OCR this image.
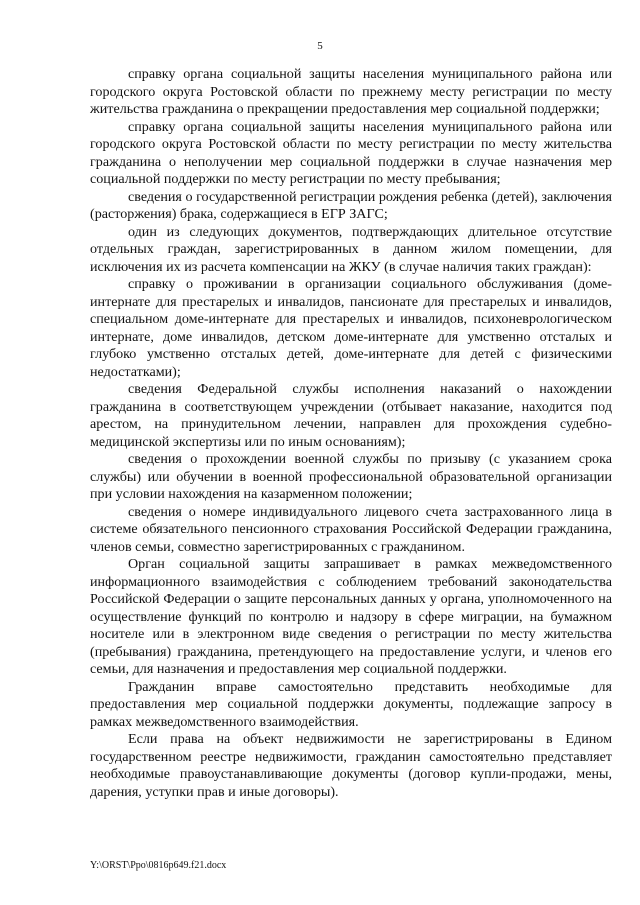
5

справку органа социальной защиты населения муниципального района или городского округа Ростовской области по прежнему месту регистрации по месту жительства гражданина о прекращении предоставления мер социальной поддержки;

справку органа социальной защиты населения муниципального района или городского округа Ростовской области по месту регистрации по месту жительства гражданина о неполучении мер социальной поддержки в случае назначения мер социальной поддержки по месту регистрации по месту пребывания;

сведения о государственной регистрации рождения ребенка (детей), заключения (расторжения) брака, содержащиеся в ЕГР ЗАГС;

один из следующих документов, подтверждающих длительное отсутствие отдельных граждан, зарегистрированных в данном жилом помещении, для исключения их из расчета компенсации на ЖКУ (в случае наличия таких граждан):

справку о проживании в организации социального обслуживания (доме-интернате для престарелых и инвалидов, пансионате для престарелых и инвалидов, специальном доме-интернате для престарелых и инвалидов, психоневрологическом интернате, доме инвалидов, детском доме-интернате для умственно отсталых и глубоко умственно отсталых детей, доме-интернате для детей с физическими недостатками);

сведения Федеральной службы исполнения наказаний о нахождении гражданина в соответствующем учреждении (отбывает наказание, находится под арестом, на принудительном лечении, направлен для прохождения судебно-медицинской экспертизы или по иным основаниям);

сведения о прохождении военной службы по призыву (с указанием срока службы) или обучении в военной профессиональной образовательной организации при условии нахождения на казарменном положении;

сведения о номере индивидуального лицевого счета застрахованного лица в системе обязательного пенсионного страхования Российской Федерации гражданина, членов семьи, совместно зарегистрированных с гражданином.

Орган социальной защиты запрашивает в рамках межведомственного информационного взаимодействия с соблюдением требований законодательства Российской Федерации о защите персональных данных у органа, уполномоченного на осуществление функций по контролю и надзору в сфере миграции, на бумажном носителе или в электронном виде сведения о регистрации по месту жительства (пребывания) гражданина, претендующего на предоставление услуги, и членов его семьи, для назначения и предоставления мер социальной поддержки.

Гражданин вправе самостоятельно представить необходимые для предоставления мер социальной поддержки документы, подлежащие запросу в рамках межведомственного взаимодействия.

Если права на объект недвижимости не зарегистрированы в Едином государственном реестре недвижимости, гражданин самостоятельно представляет необходимые правоустанавливающие документы (договор купли-продажи, мены, дарения, уступки прав и иные договоры).

Y:\ORST\Ppo\0816p649.f21.docx
